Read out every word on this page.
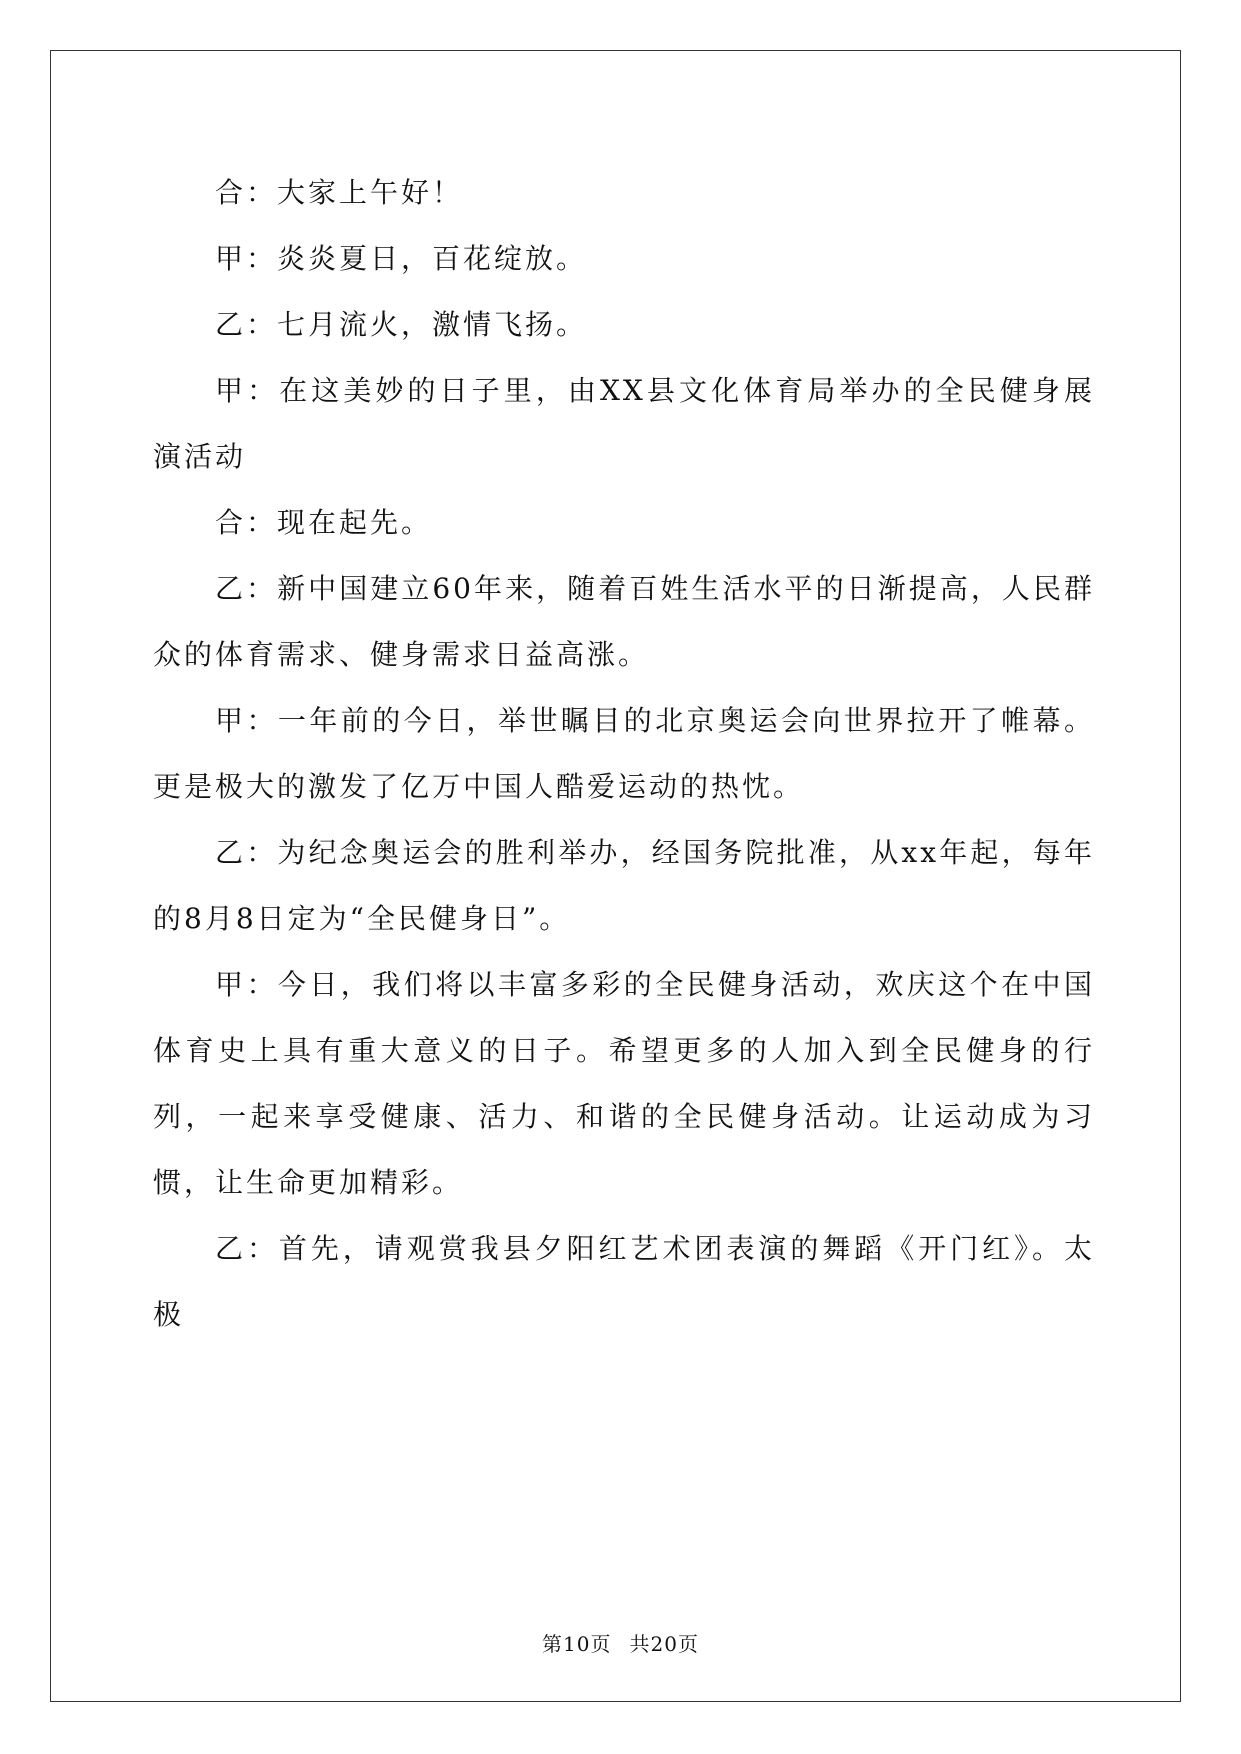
合：大家上午好！

甲：炎炎夏日，百花绽放。

乙：七月流火，激情飞扬。

甲：在这美妙的日子里，由XX县文化体育局举办的全民健身展演活动

合：现在起先。

乙：新中国建立60年来，随着百姓生活水平的日渐提高，人民群众的体育需求、健身需求日益高涨。

甲：一年前的今日，举世瞩目的北京奥运会向世界拉开了帷幕。更是极大的激发了亿万中国人酷爱运动的热忱。

乙：为纪念奥运会的胜利举办，经国务院批准，从xx年起，每年的8月8日定为“全民健身日”。

甲：今日，我们将以丰富多彩的全民健身活动，欢庆这个在中国体育史上具有重大意义的日子。希望更多的人加入到全民健身的行列，一起来享受健康、活力、和谐的全民健身活动。让运动成为习惯，让生命更加精彩。

乙：首先，请观赏我县夕阳红艺术团表演的舞蹈《开门红》。太极

第10页 共20页
